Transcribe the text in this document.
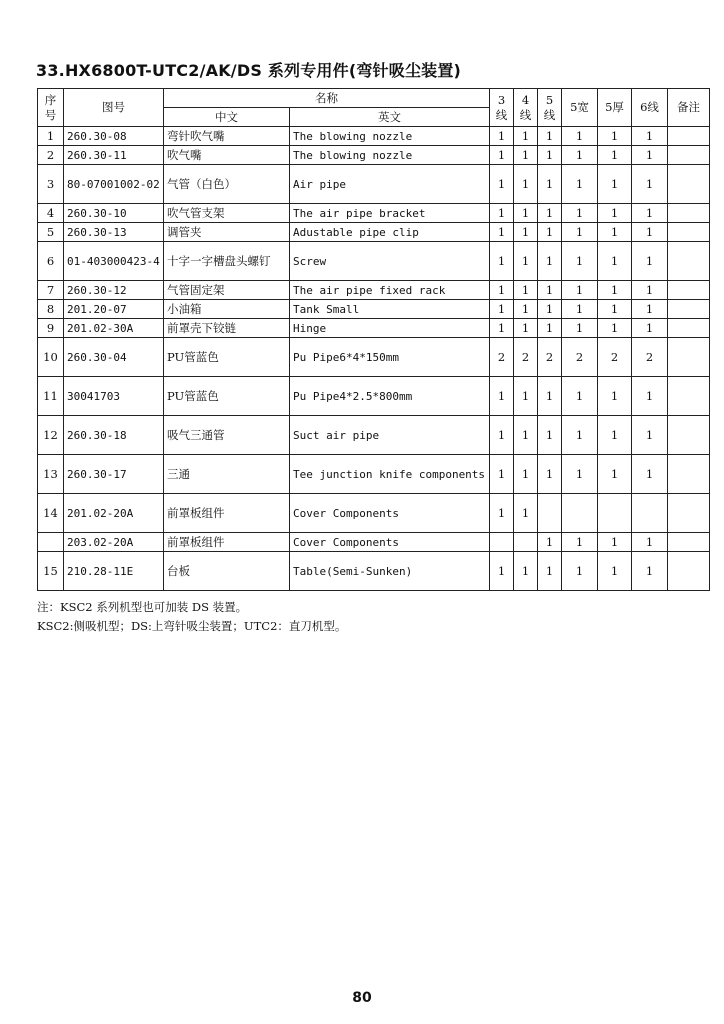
33.HX6800T-UTC2/AK/DS 系列专用件(弯针吸尘装置)
序号	图号	名称		3线	4线	5线	5宽	5厚	6线	备注
		中文	英文							
1	260.30-08	弯针吹气嘴	The blowing nozzle	1	1	1	1	1	1	
2	260.30-11	吹气嘴	The blowing nozzle	1	1	1	1	1	1	
3	80-07001002-02	气管（白色）	Air pipe	1	1	1	1	1	1	
4	260.30-10	吹气管支架	The air pipe bracket	1	1	1	1	1	1	
5	260.30-13	调管夹	Adustable pipe clip	1	1	1	1	1	1	
6	01-403000423-4	十字一字槽盘头螺钉	Screw	1	1	1	1	1	1	
7	260.30-12	气管固定架	The air pipe fixed rack	1	1	1	1	1	1	
8	201.20-07	小油箱	Tank Small	1	1	1	1	1	1	
9	201.02-30A	前罩壳下铰链	Hinge	1	1	1	1	1	1	
10	260.30-04	PU管蓝色	Pu Pipe6*4*150mm	2	2	2	2	2	2	
11	30041703	PU管蓝色	Pu Pipe4*2.5*800mm	1	1	1	1	1	1	
12	260.30-18	吸气三通管	Suct air pipe	1	1	1	1	1	1	
13	260.30-17	三通	Tee junction knife components	1	1	1	1	1	1	
14	201.02-20A	前罩板组件	Cover Components	1	1					
	203.02-20A	前罩板组件	Cover Components			1	1	1	1	
15	210.28-11E	台板	Table(Semi-Sunken)	1	1	1	1	1	1	
注：KSC2 系列机型也可加装 DS 装置。
KSC2:侧吸机型；DS:上弯针吸尘装置；UTC2：直刀机型。
80
